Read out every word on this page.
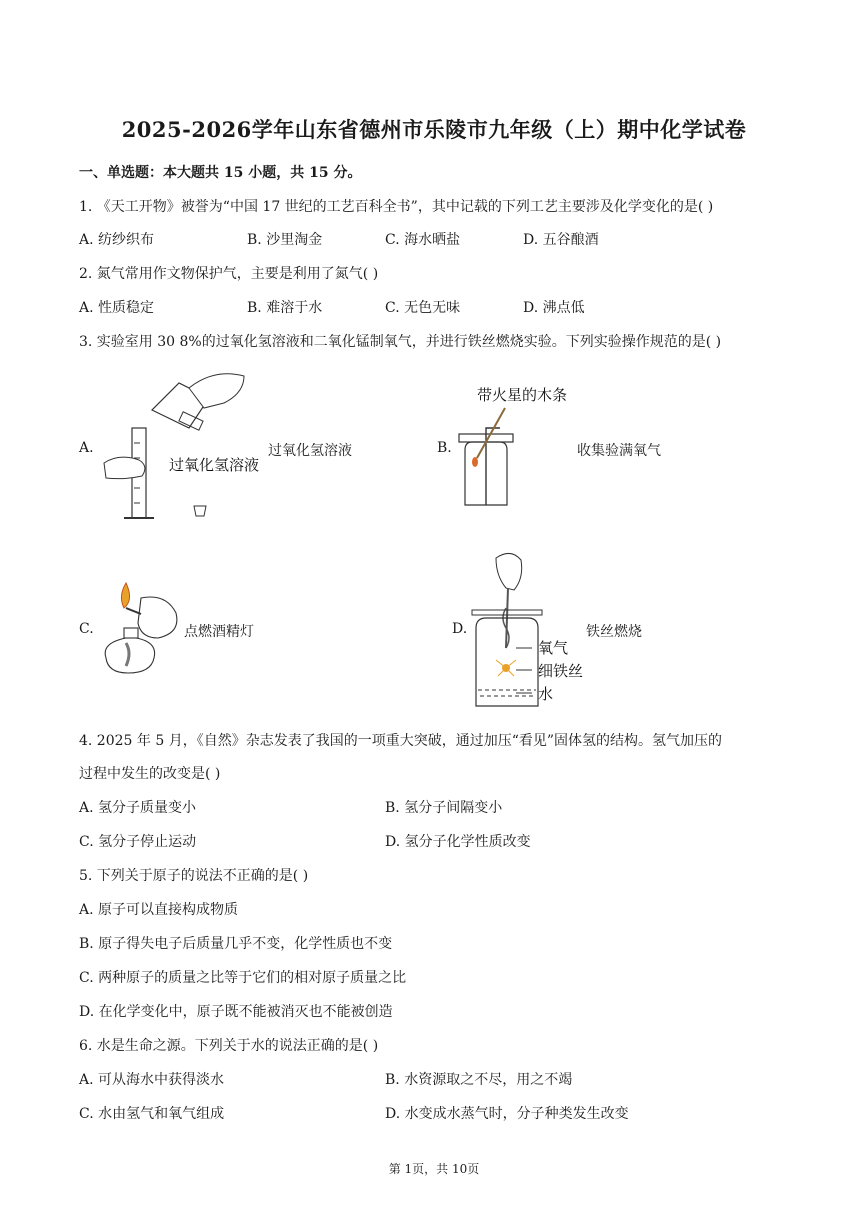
2025-2026学年山东省德州市乐陵市九年级（上）期中化学试卷
一、单选题：本大题共 15 小题，共 15 分。
1. 《天工开物》被誉为“中国 17 世纪的工艺百科全书”，其中记载的下列工艺主要涉及化学变化的是( )
A. 纺纱织布	B. 沙里淘金	C. 海水晒盐	D. 五谷酿酒
2. 氮气常用作文物保护气，主要是利用了氮气( )
A. 性质稳定	B. 难溶于水	C. 无色无味	D. 沸点低
3. 实验室用 30 8%的过氧化氢溶液和二氧化锰制氧气，并进行铁丝燃烧实验。下列实验操作规范的是( )
A.
过氧化氢溶液
过氧化氢溶液	B.
带火星的木条
收集验满氧气
C.	点燃酒精灯	D.
氧气
细铁丝
水
铁丝燃烧
4. 2025 年 5 月，《自然》杂志发表了我国的一项重大突破，通过加压“看见”固体氢的结构。氢气加压的
过程中发生的改变是( )
A. 氢分子质量变小	B. 氢分子间隔变小
C. 氢分子停止运动	D. 氢分子化学性质改变
5. 下列关于原子的说法不正确的是( )
A. 原子可以直接构成物质
B. 原子得失电子后质量几乎不变，化学性质也不变
C. 两种原子的质量之比等于它们的相对原子质量之比
D. 在化学变化中，原子既不能被消灭也不能被创造
6. 水是生命之源。下列关于水的说法正确的是( )
A. 可从海水中获得淡水	B. 水资源取之不尽，用之不竭
C. 水由氢气和氧气组成	D. 水变成水蒸气时，分子种类发生改变
第 1页，共 10页
